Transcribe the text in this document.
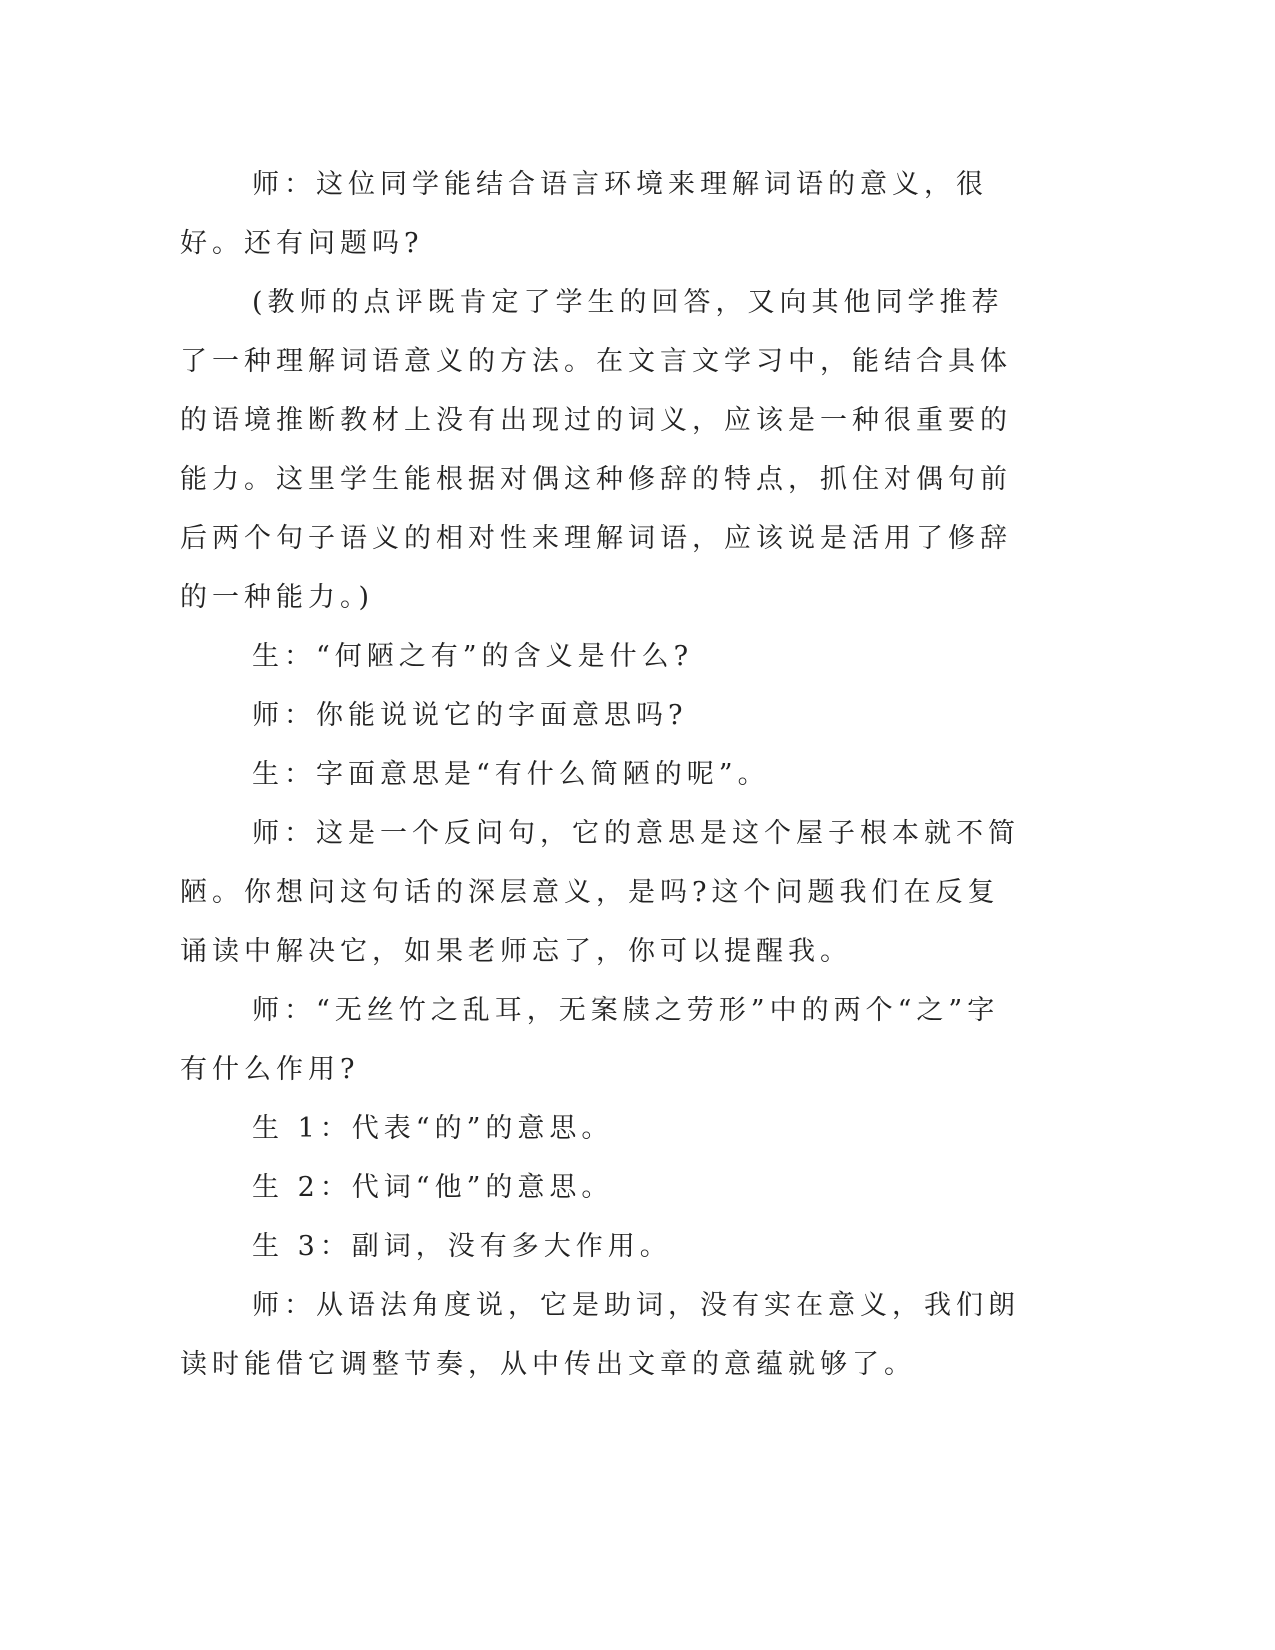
师：这位同学能结合语言环境来理解词语的意义，很好。还有问题吗?

(教师的点评既肯定了学生的回答，又向其他同学推荐了一种理解词语意义的方法。在文言文学习中，能结合具体的语境推断教材上没有出现过的词义，应该是一种很重要的能力。这里学生能根据对偶这种修辞的特点，抓住对偶句前后两个句子语义的相对性来理解词语，应该说是活用了修辞的一种能力。)

生：“何陋之有”的含义是什么?

师：你能说说它的字面意思吗?

生：字面意思是“有什么简陋的呢”。

师：这是一个反问句，它的意思是这个屋子根本就不简陋。你想问这句话的深层意义，是吗?这个问题我们在反复诵读中解决它，如果老师忘了，你可以提醒我。

师：“无丝竹之乱耳，无案牍之劳形”中的两个“之”字有什么作用?

生 1：代表“的”的意思。

生 2：代词“他”的意思。

生 3：副词，没有多大作用。

师：从语法角度说，它是助词，没有实在意义，我们朗读时能借它调整节奏，从中传出文章的意蕴就够了。
